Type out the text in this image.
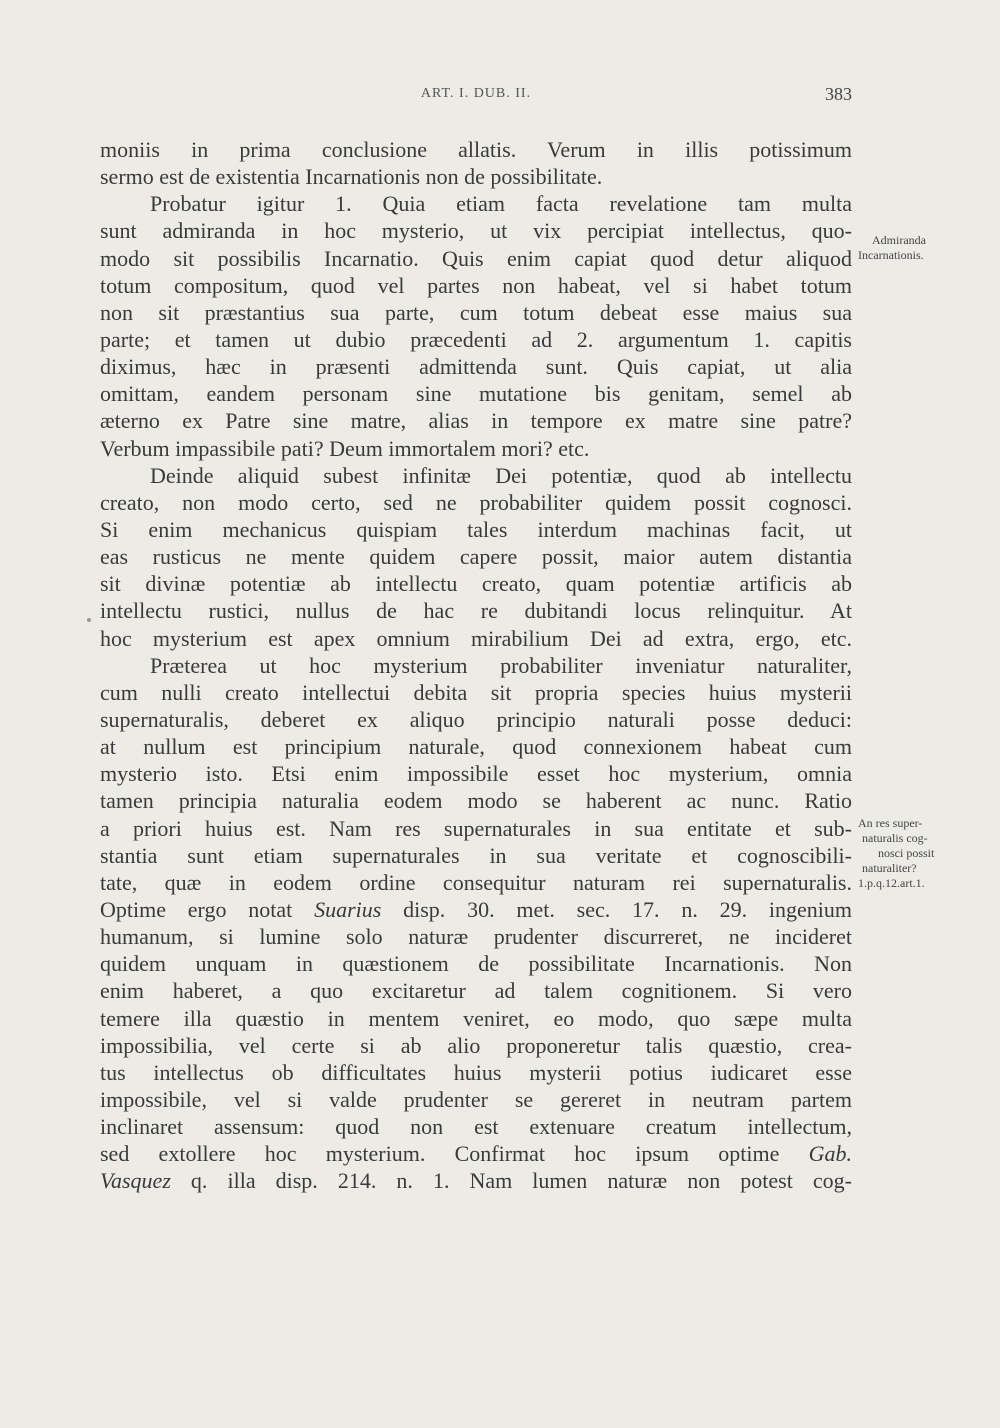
ART. I. DUB. II.	383
moniis in prima conclusione allatis. Verum in illis potissimum
sermo est de existentia Incarnationis non de possibilitate.
Probatur igitur 1. Quia etiam facta revelatione tam multa
sunt admiranda in hoc mysterio, ut vix percipiat intellectus, quo-
modo sit possibilis Incarnatio. Quis enim capiat quod detur aliquod
totum compositum, quod vel partes non habeat, vel si habet totum
non sit præstantius sua parte, cum totum debeat esse maius sua
parte; et tamen ut dubio præcedenti ad 2. argumentum 1. capitis
diximus, hæc in præsenti admittenda sunt. Quis capiat, ut alia
omittam, eandem personam sine mutatione bis genitam, semel ab
æterno ex Patre sine matre, alias in tempore ex matre sine patre?
Verbum impassibile pati? Deum immortalem mori? etc.
Deinde aliquid subest infinitæ Dei potentiæ, quod ab intellectu
creato, non modo certo, sed ne probabiliter quidem possit cognosci.
Si enim mechanicus quispiam tales interdum machinas facit, ut
eas rusticus ne mente quidem capere possit, maior autem distantia
sit divinæ potentiæ ab intellectu creato, quam potentiæ artificis ab
intellectu rustici, nullus de hac re dubitandi locus relinquitur. At
hoc mysterium est apex omnium mirabilium Dei ad extra, ergo, etc.
Præterea ut hoc mysterium probabiliter inveniatur naturaliter,
cum nulli creato intellectui debita sit propria species huius mysterii
supernaturalis, deberet ex aliquo principio naturali posse deduci:
at nullum est principium naturale, quod connexionem habeat cum
mysterio isto. Etsi enim impossibile esset hoc mysterium, omnia
tamen principia naturalia eodem modo se haberent ac nunc. Ratio
a priori huius est. Nam res supernaturales in sua entitate et sub-
stantia sunt etiam supernaturales in sua veritate et cognoscibili-
tate, quæ in eodem ordine consequitur naturam rei supernaturalis.
Optime ergo notat Suarius disp. 30. met. sec. 17. n. 29. ingenium
humanum, si lumine solo naturæ prudenter discurreret, ne incideret
quidem unquam in quæstionem de possibilitate Incarnationis. Non
enim haberet, a quo excitaretur ad talem cognitionem. Si vero
temere illa quæstio in mentem veniret, eo modo, quo sæpe multa
impossibilia, vel certe si ab alio proponeretur talis quæstio, crea-
tus intellectus ob difficultates huius mysterii potius iudicaret esse
impossibile, vel si valde prudenter se gereret in neutram partem
inclinaret assensum: quod non est extenuare creatum intellectum,
sed extollere hoc mysterium. Confirmat hoc ipsum optime Gab.
Vasquez q. illa disp. 214. n. 1. Nam lumen naturæ non potest cog-
Admiranda
Incarnationis.
An res super-
naturalis cog-
nosci possit
naturaliter?
1.p.q.12.art.1.
